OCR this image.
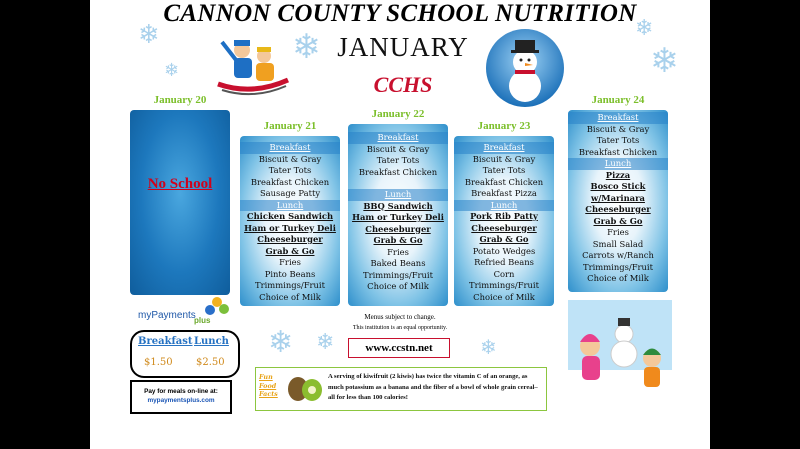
❄
❄
❄	❄
❄
❄ ❄	❄
CANNON COUNTY SCHOOL NUTRITION
JANUARY
CCHS
January 20
No School
January 21
Breakfast
Biscuit & Gray
Tater Tots
Breakfast Chicken
Sausage Patty
Lunch
Chicken Sandwich
Ham or Turkey Deli
Cheeseburger
Grab & Go
Fries
Pinto Beans
Trimmings/Fruit
Choice of Milk
January 22
Breakfast
Biscuit & Gray
Tater Tots
Breakfast Chicken
Lunch
BBQ Sandwich
Ham or Turkey Deli
Cheeseburger
Grab & Go
Fries
Baked Beans
Trimmings/Fruit
Choice of Milk
January 23
Breakfast
Biscuit & Gray
Tater Tots
Breakfast Chicken
Breakfast Pizza
Lunch
Pork Rib Patty
Cheeseburger
Grab & Go
Potato Wedges
Refried Beans
Corn
Trimmings/Fruit
Choice of Milk
January 24
Breakfast
Biscuit & Gray
Tater Tots
Breakfast Chicken
Lunch
Pizza
Bosco Stick
w/Marinara
Cheeseburger
Grab & Go
Fries
Small Salad
Carrots w/Ranch
Trimmings/Fruit
Choice of Milk
myPayments
plus
Breakfast Lunch
$1.50 $2.50
Pay for meals on-line at:
mypaymentsplus.com
Menus subject to change.
This institution is an equal opportunity.
www.ccstn.net
Fun Food Facts
A serving of kiwifruit (2 kiwis) has twice the vitamin C of an orange, as much potassium as a banana and the fiber of a bowl of whole grain cereal–all for less than 100 calories!
